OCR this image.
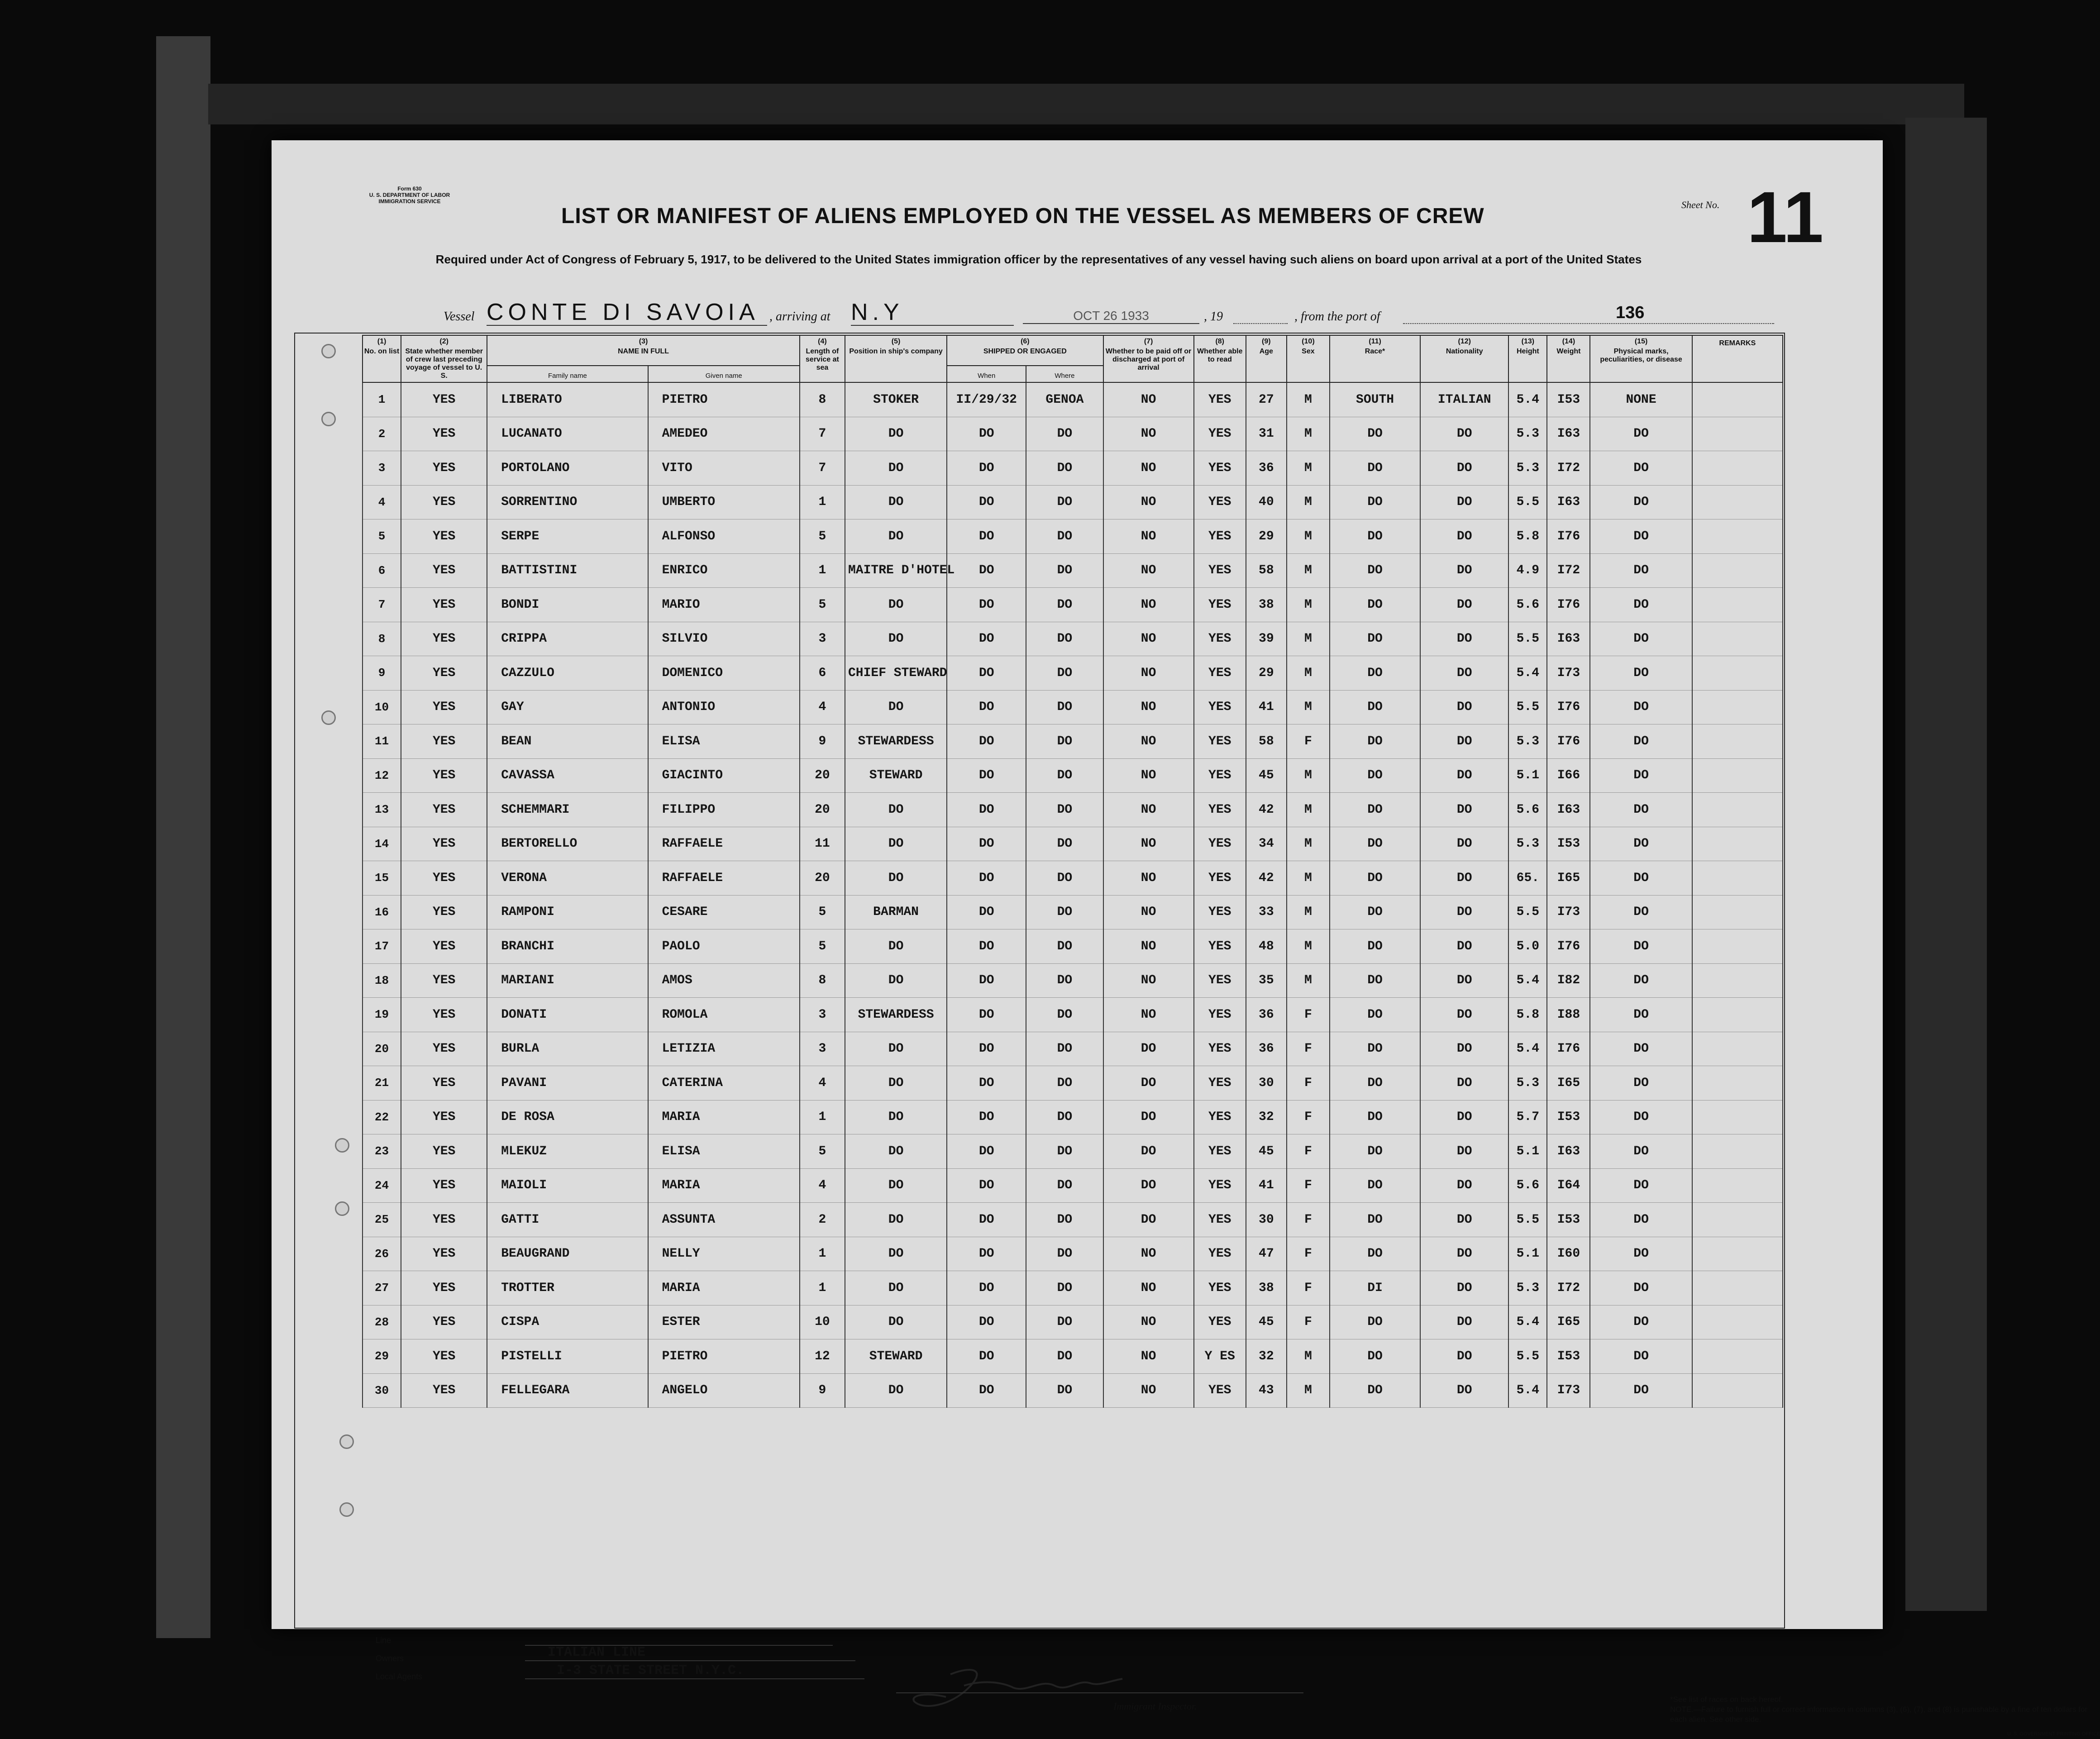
Form 630
U. S. DEPARTMENT OF LABOR
IMMIGRATION SERVICE
LIST OR MANIFEST OF ALIENS EMPLOYED ON THE VESSEL AS MEMBERS OF CREW	Sheet No. 11
Required under Act of Congress of February 5, 1917, to be delivered to the United States immigration officer by the representatives of any vessel having such aliens on board upon arrival at a port of the United States
Vessel CONTE DI SAVOIA , arriving at N.Y	OCT 26 1933	, 19	, from the port of	136
(1)
No. on list	(2)
State whether member of crew last preceding voyage of vessel to U. S.	(3)
NAME IN FULL		(4)
Length of service at sea	(5)
Position in ship's company	(6)
SHIPPED OR ENGAGED		(7)
Whether to be paid off or discharged at port of arrival	(8)
Whether able to read	(9)
Age	(10)
Sex	(11)
Race*	(12)
Nationality	(13)
Height	(14)
Weight	(15)
Physical marks, peculiarities, or disease	REMARKS
		Family name	Given name			When	Where										
1	YES	LIBERATO	PIETRO	8	STOKER	II/29/32	GENOA	NO	YES	27	M	SOUTH	ITALIAN	5.4	I53	NONE	
2	YES	LUCANATO	AMEDEO	7	DO	DO	DO	NO	YES	31	M	DO	DO	5.3	I63	DO	
3	YES	PORTOLANO	VITO	7	DO	DO	DO	NO	YES	36	M	DO	DO	5.3	I72	DO	
4	YES	SORRENTINO	UMBERTO	1	DO	DO	DO	NO	YES	40	M	DO	DO	5.5	I63	DO	
5	YES	SERPE	ALFONSO	5	DO	DO	DO	NO	YES	29	M	DO	DO	5.8	I76	DO	
6	YES	BATTISTINI	ENRICO	1	MAITRE D'HOTEL	DO	DO	NO	YES	58	M	DO	DO	4.9	I72	DO	
7	YES	BONDI	MARIO	5	DO	DO	DO	NO	YES	38	M	DO	DO	5.6	I76	DO	
8	YES	CRIPPA	SILVIO	3	DO	DO	DO	NO	YES	39	M	DO	DO	5.5	I63	DO	
9	YES	CAZZULO	DOMENICO	6	CHIEF STEWARD	DO	DO	NO	YES	29	M	DO	DO	5.4	I73	DO	
10	YES	GAY	ANTONIO	4	DO	DO	DO	NO	YES	41	M	DO	DO	5.5	I76	DO	
11	YES	BEAN	ELISA	9	STEWARDESS	DO	DO	NO	YES	58	F	DO	DO	5.3	I76	DO	
12	YES	CAVASSA	GIACINTO	20	STEWARD	DO	DO	NO	YES	45	M	DO	DO	5.1	I66	DO	
13	YES	SCHEMMARI	FILIPPO	20	DO	DO	DO	NO	YES	42	M	DO	DO	5.6	I63	DO	
14	YES	BERTORELLO	RAFFAELE	11	DO	DO	DO	NO	YES	34	M	DO	DO	5.3	I53	DO	
15	YES	VERONA	RAFFAELE	20	DO	DO	DO	NO	YES	42	M	DO	DO	65.	I65	DO	
16	YES	RAMPONI	CESARE	5	BARMAN	DO	DO	NO	YES	33	M	DO	DO	5.5	I73	DO	
17	YES	BRANCHI	PAOLO	5	DO	DO	DO	NO	YES	48	M	DO	DO	5.0	I76	DO	
18	YES	MARIANI	AMOS	8	DO	DO	DO	NO	YES	35	M	DO	DO	5.4	I82	DO	
19	YES	DONATI	ROMOLA	3	STEWARDESS	DO	DO	NO	YES	36	F	DO	DO	5.8	I88	DO	
20	YES	BURLA	LETIZIA	3	DO	DO	DO	DO	YES	36	F	DO	DO	5.4	I76	DO	
21	YES	PAVANI	CATERINA	4	DO	DO	DO	DO	YES	30	F	DO	DO	5.3	I65	DO	
22	YES	DE ROSA	MARIA	1	DO	DO	DO	DO	YES	32	F	DO	DO	5.7	I53	DO	
23	YES	MLEKUZ	ELISA	5	DO	DO	DO	DO	YES	45	F	DO	DO	5.1	I63	DO	
24	YES	MAIOLI	MARIA	4	DO	DO	DO	DO	YES	41	F	DO	DO	5.6	I64	DO	
25	YES	GATTI	ASSUNTA	2	DO	DO	DO	DO	YES	30	F	DO	DO	5.5	I53	DO	
26	YES	BEAUGRAND	NELLY	1	DO	DO	DO	NO	YES	47	F	DO	DO	5.1	I60	DO	
27	YES	TROTTER	MARIA	1	DO	DO	DO	NO	YES	38	F	DI	DO	5.3	I72	DO	
28	YES	CISPA	ESTER	10	DO	DO	DO	NO	YES	45	F	DO	DO	5.4	I65	DO	
29	YES	PISTELLI	PIETRO	12	STEWARD	DO	DO	NO	Y ES	32	M	DO	DO	5.5	I53	DO	
30	YES	FELLEGARA	ANGELO	9	DO	DO	DO	NO	YES	43	M	DO	DO	5.4	I73	DO	
Line
Owners	ITALIAN LINE
Local Agents	I-3 STATE STREET N.Y.C.
Immigrant Inspector.
*See list of races on back hereof.
NOTE.—Failure to furnish full or correct information in columns (3), (6), (7), and (8) is punishable by a fine of ten dollars for each alien. See other side.
U. S. GOVERNMENT PRINTING OFFICE
